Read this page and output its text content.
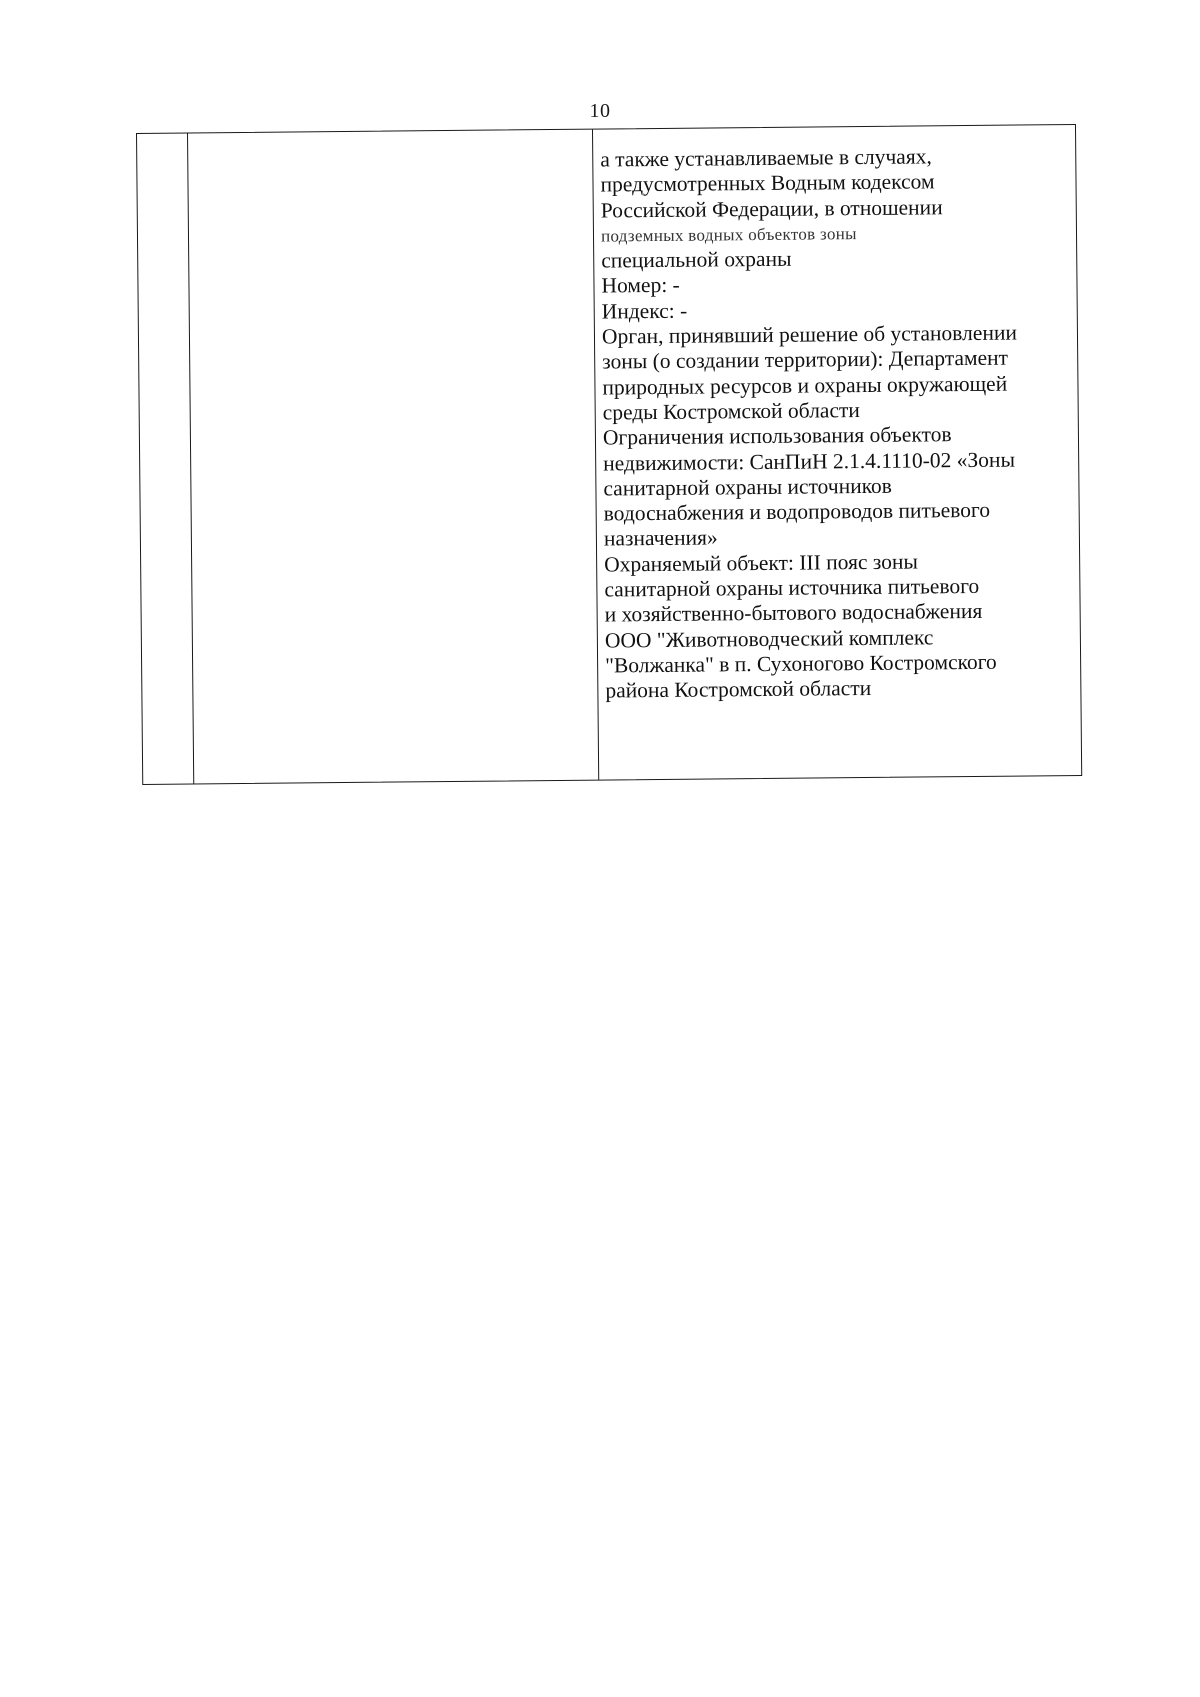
10
а также устанавливаемые в случаях,
предусмотренных Водным кодексом
Российской Федерации, в отношении
подземных водных объектов зоны
специальной охраны
Номер: -
Индекс: -
Орган, принявший решение об установлении
зоны (о создании территории): Департамент
природных ресурсов и охраны окружающей
среды Костромской области
Ограничения использования объектов
недвижимости: СанПиН 2.1.4.1110-02 «Зоны
санитарной охраны источников
водоснабжения и водопроводов питьевого
назначения»
Охраняемый объект: III пояс зоны
санитарной охраны источника питьевого
и хозяйственно-бытового водоснабжения
ООО "Животноводческий комплекс
"Волжанка" в п. Сухоногово Костромского
района Костромской области
